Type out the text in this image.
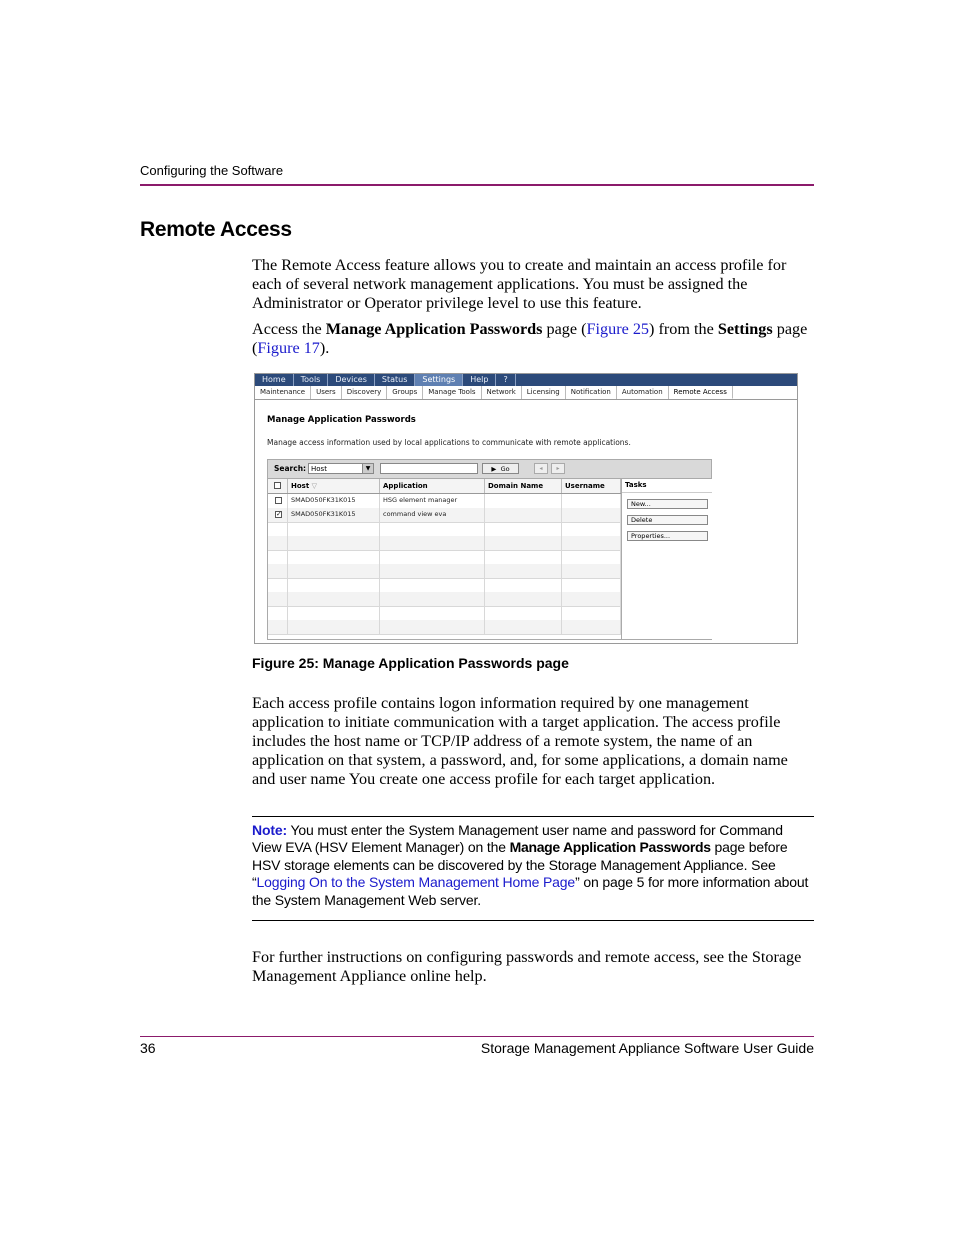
Configuring the Software
Remote Access
The Remote Access feature allows you to create and maintain an access profile for each of several network management applications. You must be assigned the Administrator or Operator privilege level to use this feature.
Access the Manage Application Passwords page (Figure 25) from the Settings page (Figure 17).
Home	Tools	Devices	Status	Settings	Help	?
Maintenance	Users	Discovery	Groups	Manage Tools	Network	Licensing	Notification	Automation	Remote Access
Manage Application Passwords
Manage access information used by local applications to communicate with remote applications.
Search: Host	▼	▶ Go	◂	▸
Host ▽	Application	Domain Name	Username
SMAD050FK31K015	HSG element manager
✓	SMAD050FK31K015	command view eva
Tasks
New...
Delete
Properties...
Figure 25: Manage Application Passwords page
Each access profile contains logon information required by one management application to initiate communication with a target application. The access profile includes the host name or TCP/IP address of a remote system, the name of an application on that system, a password, and, for some applications, a domain name and user name You create one access profile for each target application.
Note: You must enter the System Management user name and password for Command View EVA (HSV Element Manager) on the Manage Application Passwords page before HSV storage elements can be discovered by the Storage Management Appliance. See “Logging On to the System Management Home Page” on page 5 for more information about the System Management Web server.
For further instructions on configuring passwords and remote access, see the Storage Management Appliance online help.
36	Storage Management Appliance Software User Guide
